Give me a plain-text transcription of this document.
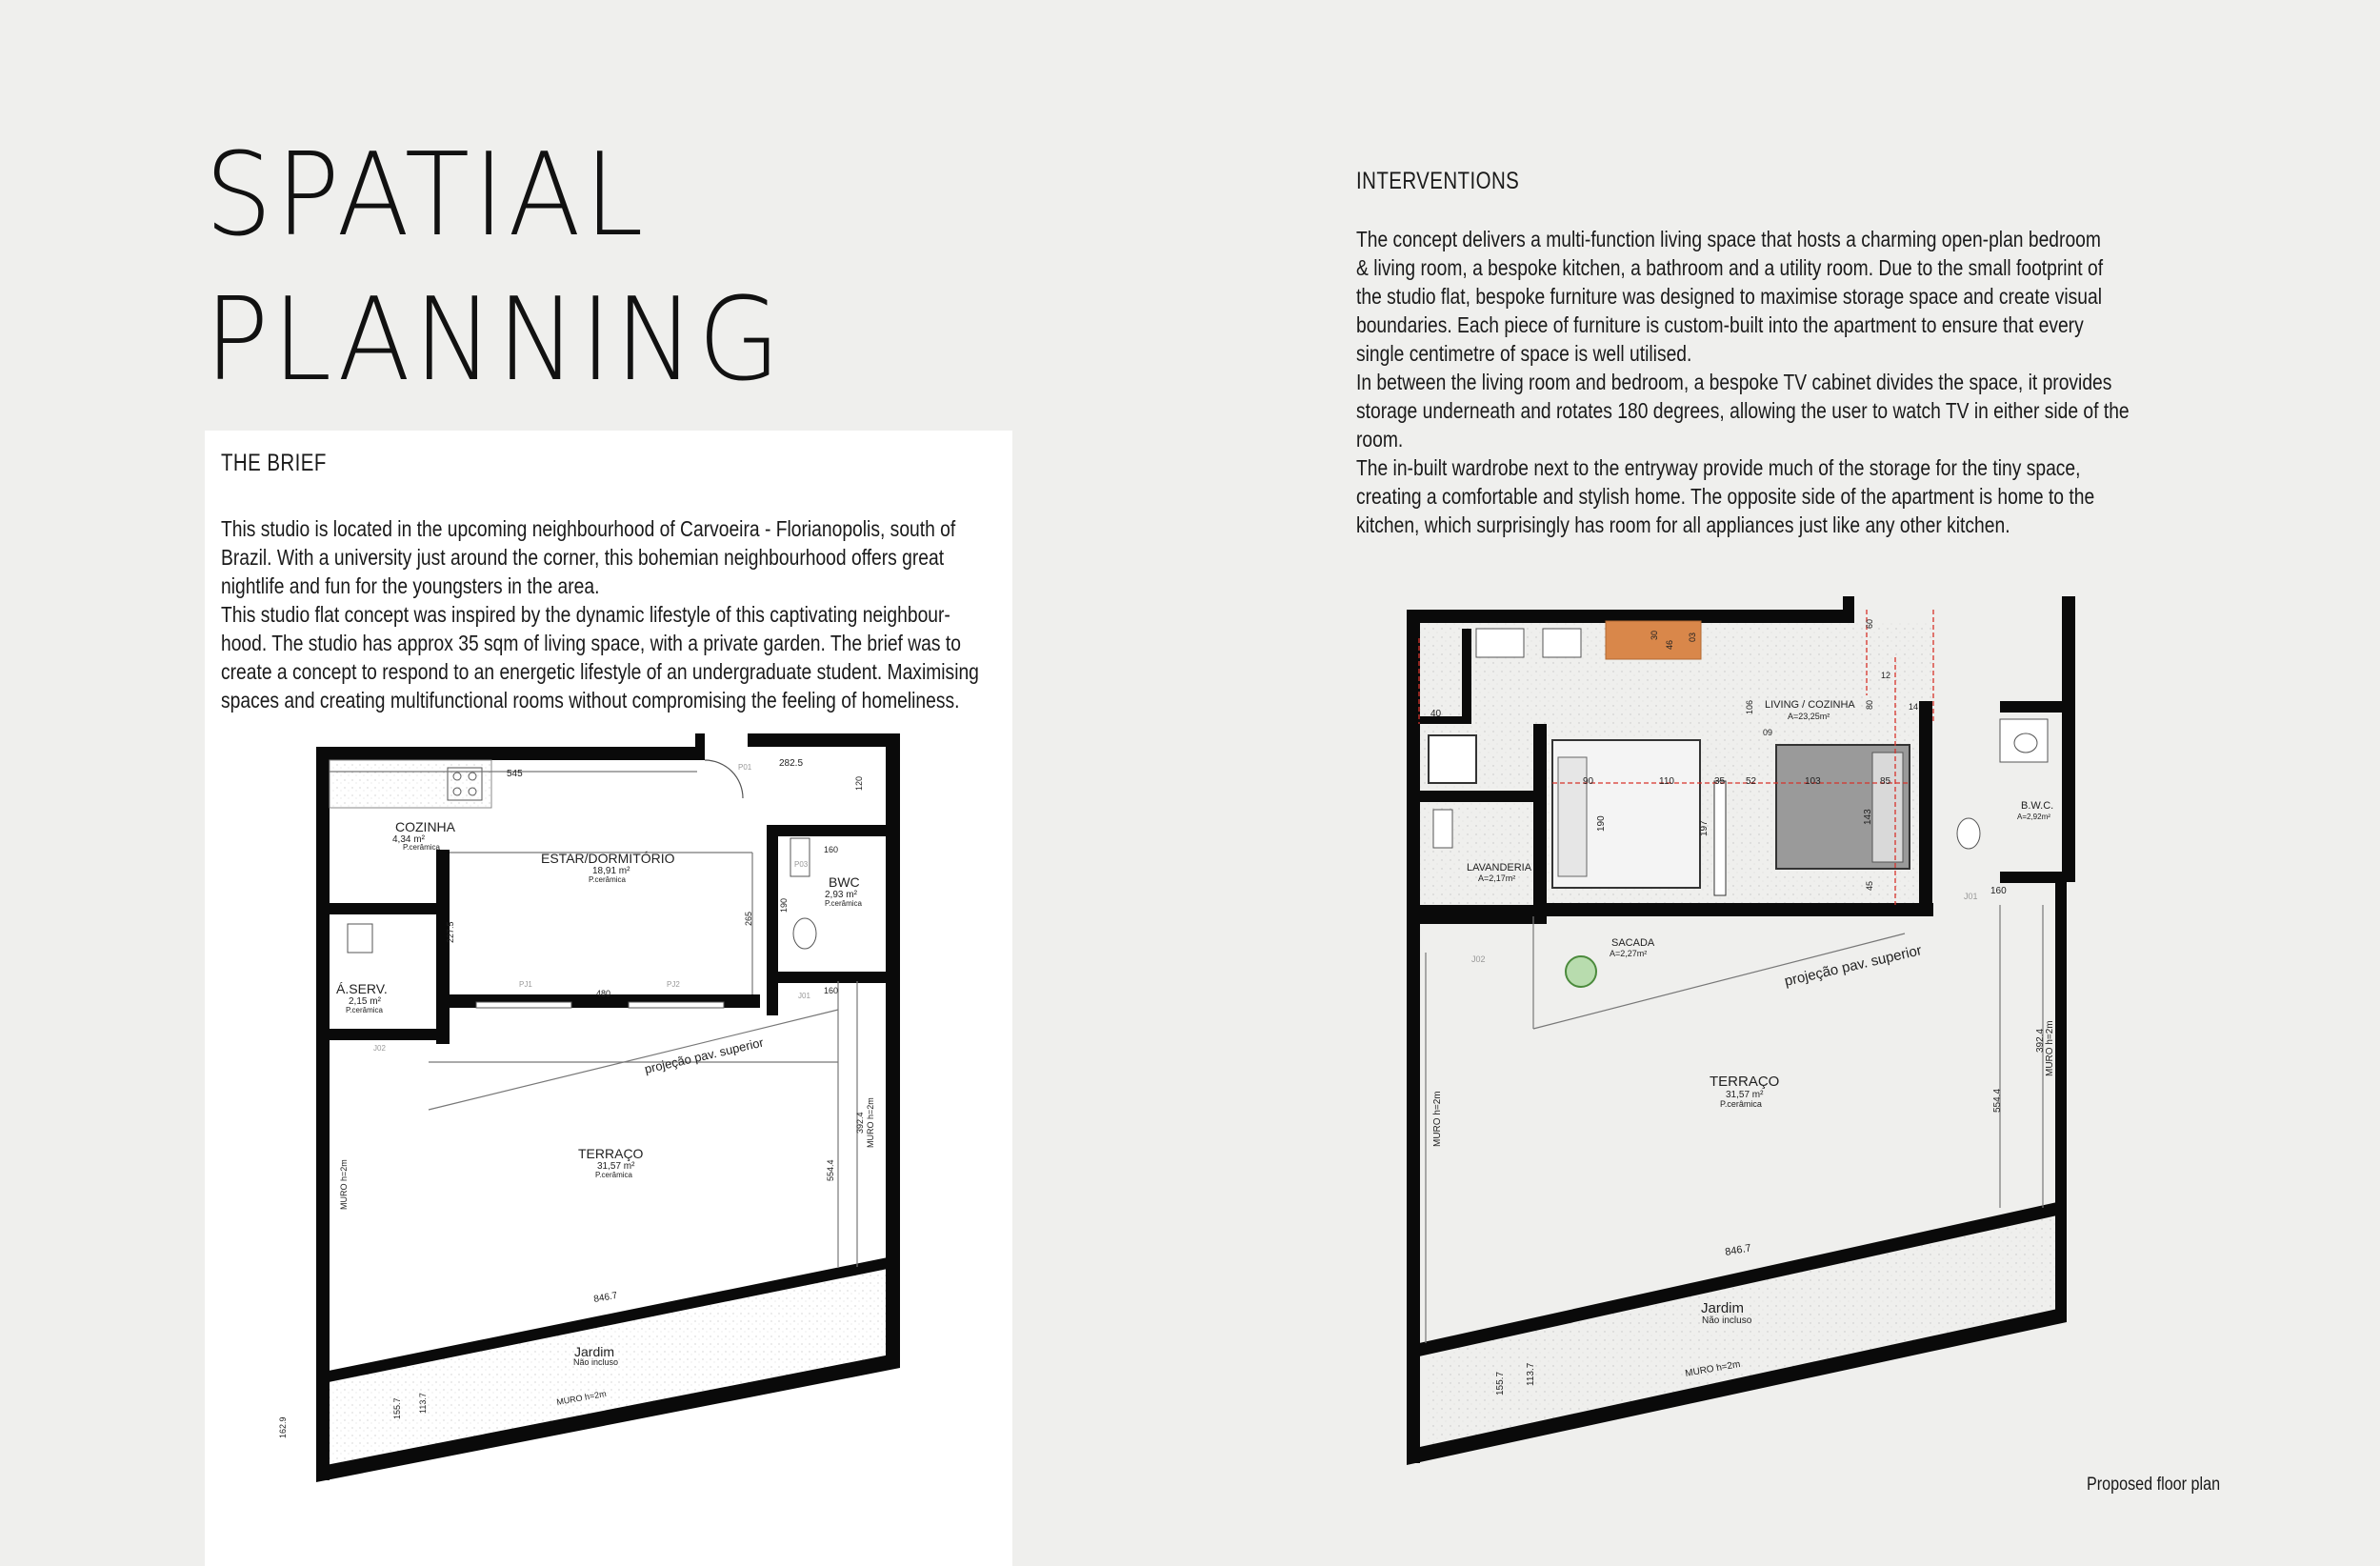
SPATIAL
PLANNING
THE BRIEF

This studio is located in the upcoming neighbourhood of Carvoeira - Florianopolis, south of

Brazil. With a university just around the corner, this bohemian neighbourhood offers great

nightlife and fun for the youngsters in the area.

This studio flat concept was inspired by the dynamic lifestyle of this captivating neighbour-

hood. The studio has approx 35 sqm of living space, with a private garden. The brief was to

create a concept to respond to an energetic lifestyle of an undergraduate student. Maximising

spaces and creating multifunctional rooms without compromising the feeling of homeliness.

INTERVENTIONS

The concept delivers a multi-function living space that hosts a charming open-plan bedroom

& living room, a bespoke kitchen, a bathroom and a utility room. Due to the small footprint of

the studio flat, bespoke furniture was designed to maximise storage space and create visual

boundaries. Each piece of furniture is custom-built into the apartment to ensure that every

single centimetre of space is well utilised.

In between the living room and bedroom, a bespoke TV cabinet divides the space, it provides

storage underneath and rotates 180 degrees, allowing the user to watch TV in either side of the

room.

The in-built wardrobe next to the entryway provide much of the storage for the tiny space,

creating a comfortable and stylish home. The opposite side of the apartment is home to the

kitchen, which surprisingly has room for all appliances just like any other kitchen.

COZINHA
4,34 m²
P.cerâmica
ESTAR/DORMITÓRIO
18,91 m²
P.cerâmica	BWC
2,93 m²
P.cerâmica
Á.SERV.
2,15 m²
P.cerâmica
TERRAÇO
31,57 m²
P.cerâmica
Jardim
Não incluso
545
282.5
120
160
160
190
265
227.5
480
392.4
554.4
846.7
162.9
155.7 113.7
P01
P03
PJ1	PJ2
J02
J01
projeção pav. superior
MURO h=2m
MURO h=2m
MURO h=2m
LIVING / COZINHA
A=23,25m²
B.W.C.
A=2,92m²
LAVANDERIA
A=2,17m²
SACADA
A=2,27m²
TERRAÇO
31,57 m²
P.cerâmica
Jardim
Não incluso
90	110	35 52	103	85
190	197
143
40
30
46
03
60
106	80
12
14
09
45
160
392.4
554.4
846.7
155.7 113.7
J02
J01
projeção pav. superior
MURO h=2m
MURO h=2m
MURO h=2m
Proposed floor plan
